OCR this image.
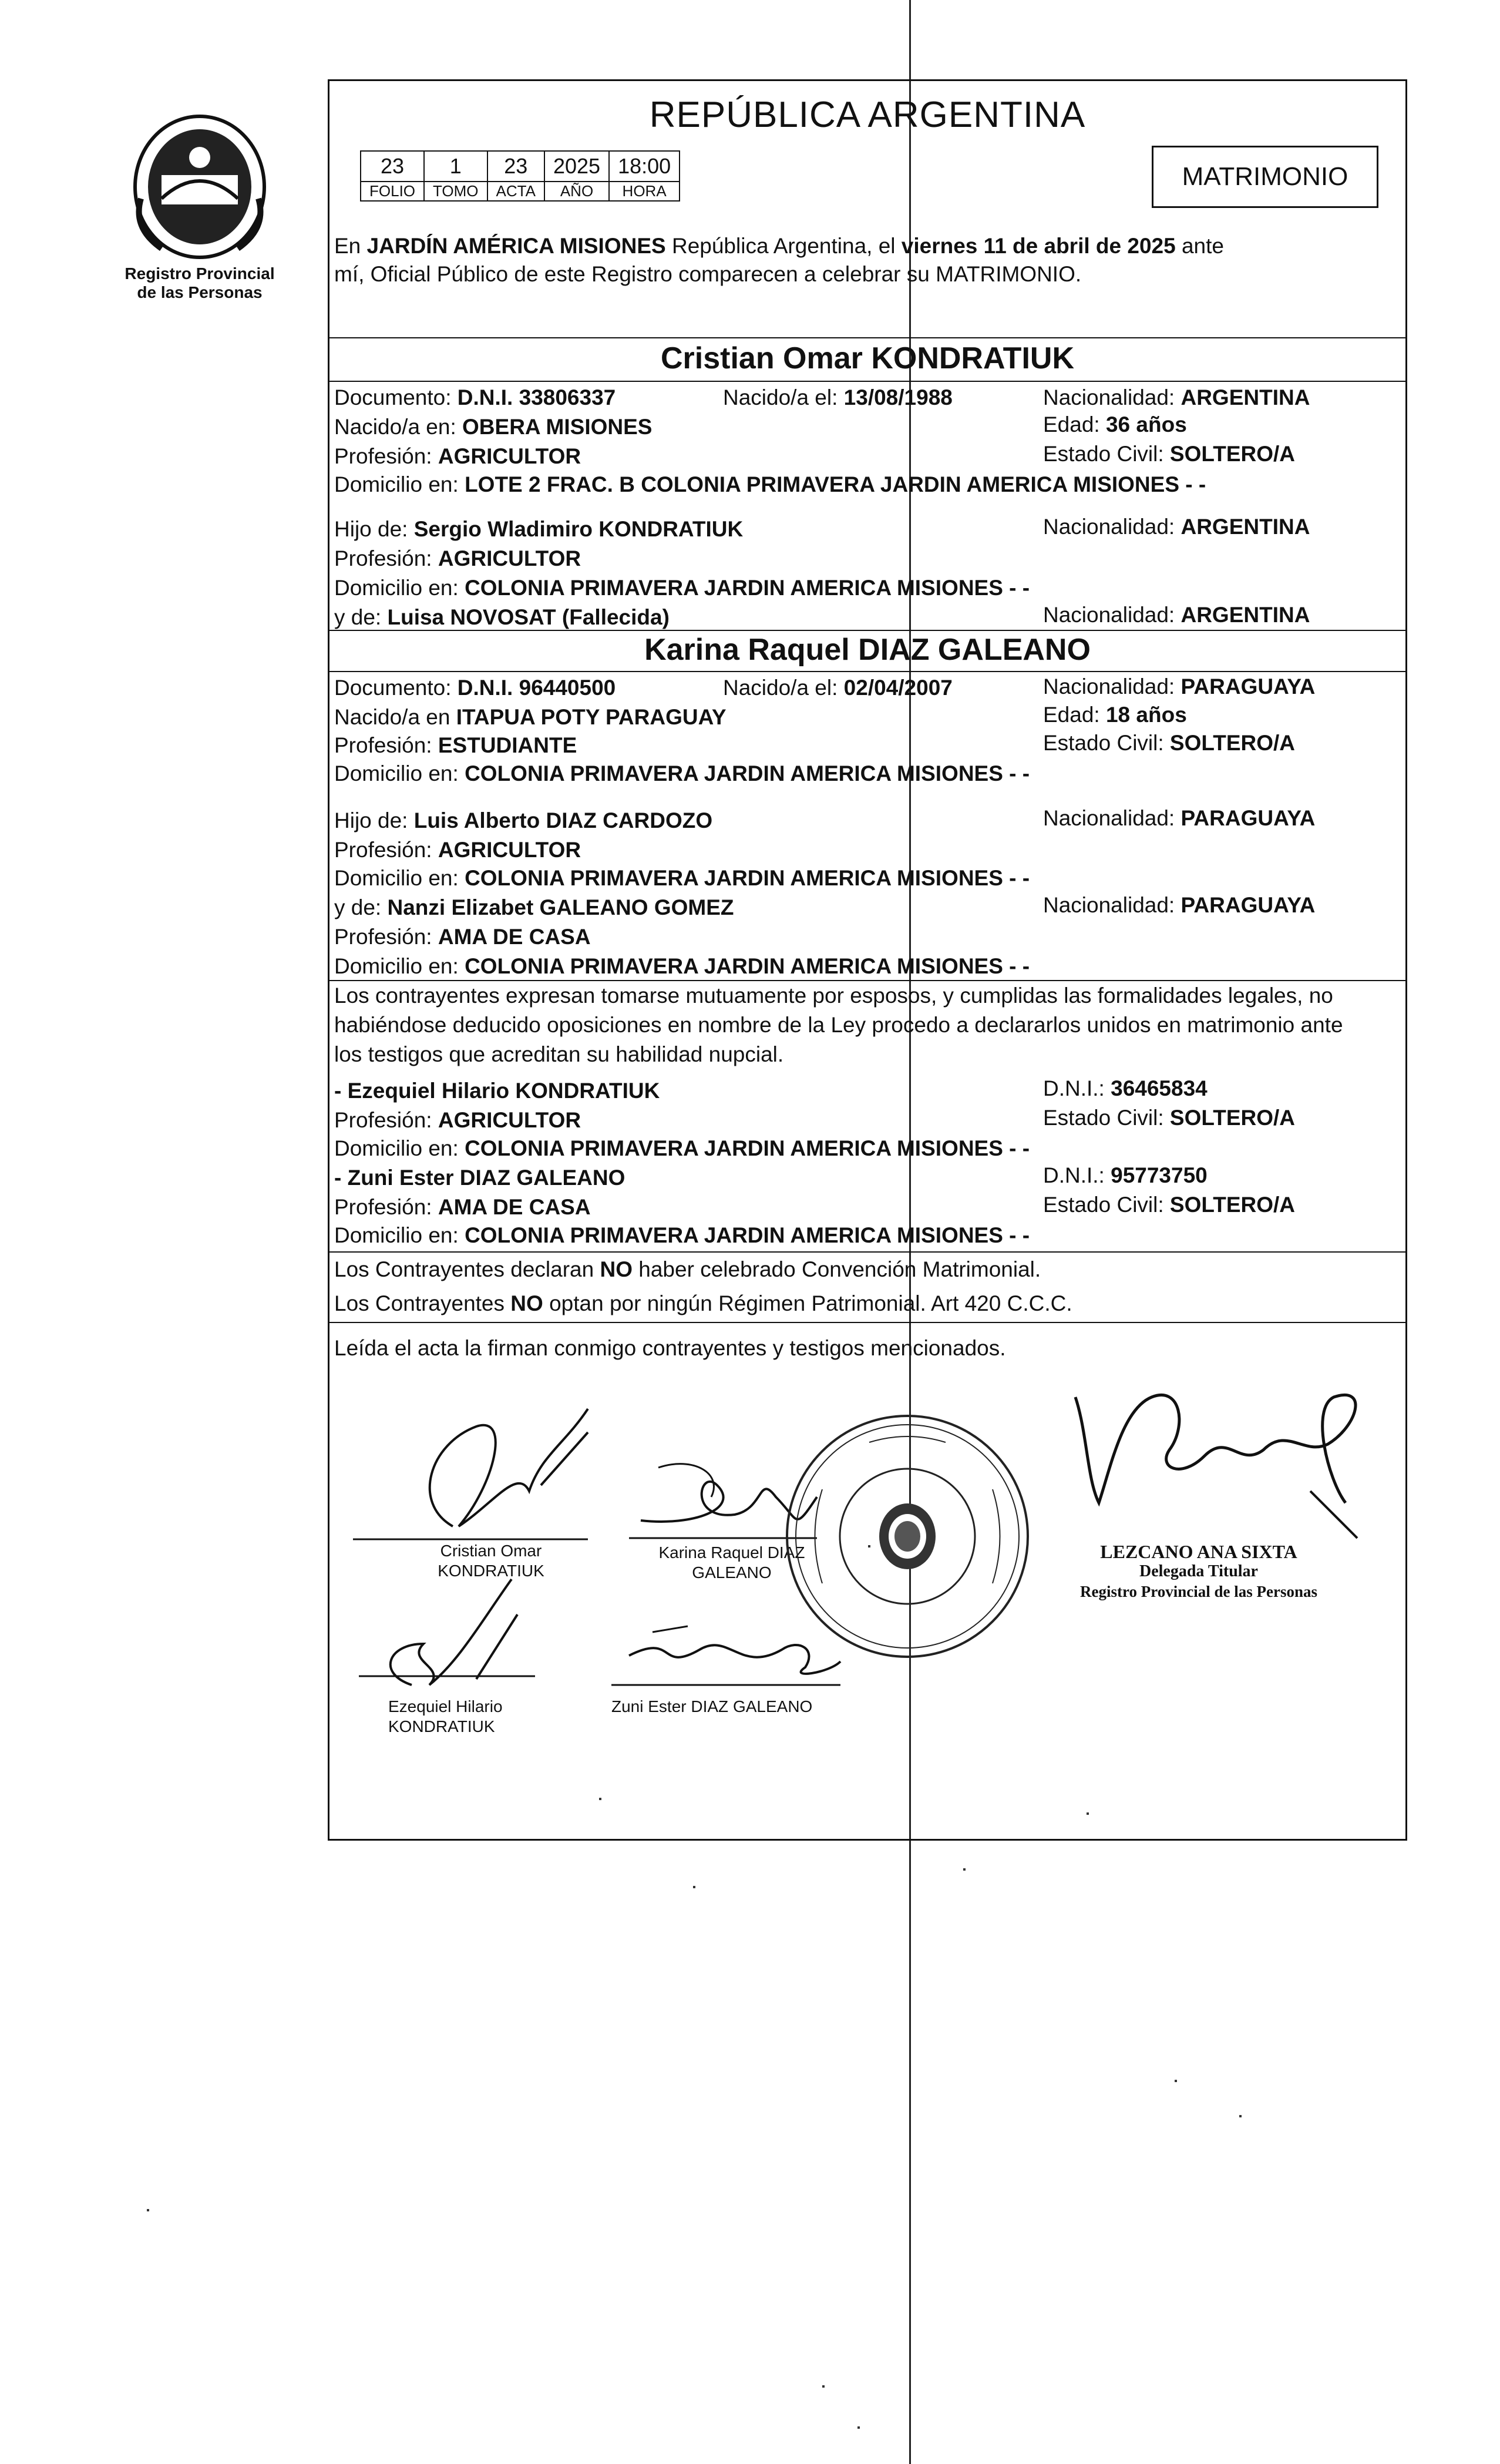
Registro Provincial
de las Personas
REPÚBLICA ARGENTINA
23	1	23	2025	18:00
FOLIO	TOMO	ACTA	AÑO	HORA	MATRIMONIO
En JARDÍN AMÉRICA MISIONES República Argentina, el viernes 11 de abril de 2025 ante
mí, Oficial Público de este Registro comparecen a celebrar su MATRIMONIO.
Cristian Omar KONDRATIUK
Documento: D.N.I. 33806337	Nacido/a el: 13/08/1988	Nacionalidad: ARGENTINA
Nacido/a en: OBERA MISIONES	Edad: 36 años
Profesión: AGRICULTOR	Estado Civil: SOLTERO/A
Domicilio en: LOTE 2 FRAC. B COLONIA PRIMAVERA JARDIN AMERICA MISIONES - -
Hijo de: Sergio Wladimiro KONDRATIUK	Nacionalidad: ARGENTINA
Profesión: AGRICULTOR
Domicilio en: COLONIA PRIMAVERA JARDIN AMERICA MISIONES - -
y de: Luisa NOVOSAT (Fallecida)	Nacionalidad: ARGENTINA
Karina Raquel DIAZ GALEANO
Documento: D.N.I. 96440500	Nacido/a el: 02/04/2007	Nacionalidad: PARAGUAYA
Nacido/a en ITAPUA POTY PARAGUAY	Edad: 18 años
Profesión: ESTUDIANTE	Estado Civil: SOLTERO/A
Domicilio en: COLONIA PRIMAVERA JARDIN AMERICA MISIONES - -
Hijo de: Luis Alberto DIAZ CARDOZO	Nacionalidad: PARAGUAYA
Profesión: AGRICULTOR
Domicilio en: COLONIA PRIMAVERA JARDIN AMERICA MISIONES - -
y de: Nanzi Elizabet GALEANO GOMEZ	Nacionalidad: PARAGUAYA
Profesión: AMA DE CASA
Domicilio en: COLONIA PRIMAVERA JARDIN AMERICA MISIONES - -
Los contrayentes expresan tomarse mutuamente por esposos, y cumplidas las formalidades legales, no
habiéndose deducido oposiciones en nombre de la Ley procedo a declararlos unidos en matrimonio ante
los testigos que acreditan su habilidad nupcial.
- Ezequiel Hilario KONDRATIUK	D.N.I.: 36465834
Profesión: AGRICULTOR	Estado Civil: SOLTERO/A
Domicilio en: COLONIA PRIMAVERA JARDIN AMERICA MISIONES - -
- Zuni Ester DIAZ GALEANO	D.N.I.: 95773750
Profesión: AMA DE CASA	Estado Civil: SOLTERO/A
Domicilio en: COLONIA PRIMAVERA JARDIN AMERICA MISIONES - -
Los Contrayentes declaran NO haber celebrado Convención Matrimonial.
Los Contrayentes NO optan por ningún Régimen Patrimonial. Art 420 C.C.C.
Leída el acta la firman conmigo contrayentes y testigos mencionados.
Cristian Omar
KONDRATIUK
Karina Raquel DIAZ
GALEANO
Ezequiel Hilario
KONDRATIUK
Zuni Ester DIAZ GALEANO
LEZCANO ANA SIXTA
Delegada Titular
Registro Provincial de las Personas
